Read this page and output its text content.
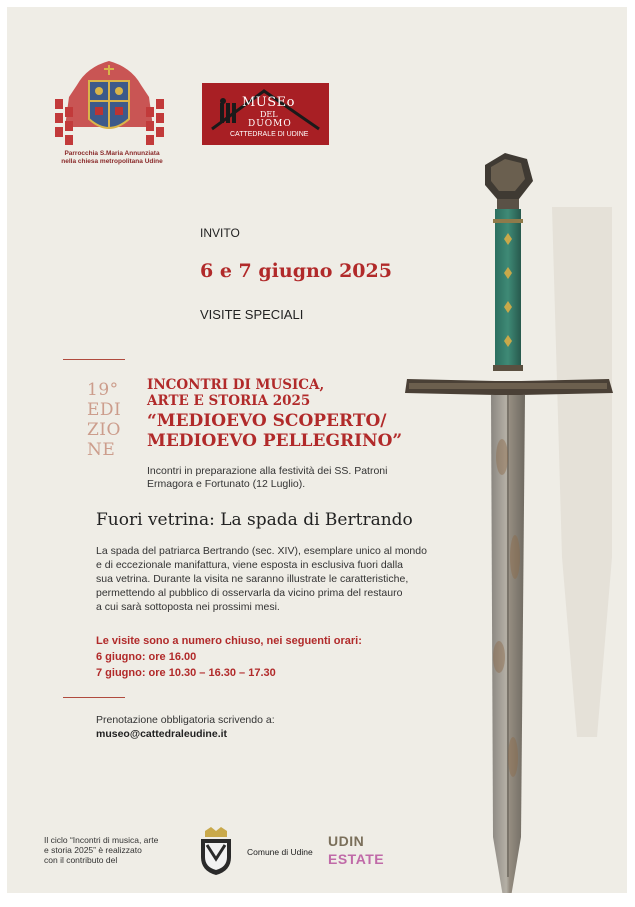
Parrocchia S.Maria Annunziata
nella chiesa metropolitana Udine
MUSEo
DEL
DUOMO
CATTEDRALE DI UDINE
INVITO
6 e 7 giugno 2025
VISITE SPECIALI
19°
EDI
ZIO
NE
INCONTRI DI MUSICA,
ARTE E STORIA 2025
“MEDIOEVO SCOPERTO/
MEDIOEVO PELLEGRINO”
Incontri in preparazione alla festività dei SS. Patroni
Ermagora e Fortunato (12 Luglio).
Fuori vetrina: La spada di Bertrando
La spada del patriarca Bertrando (sec. XIV), esemplare unico al mondo
e di eccezionale manifattura, viene esposta in esclusiva fuori dalla
sua vetrina. Durante la visita ne saranno illustrate le caratteristiche,
permettendo al pubblico di osservarla da vicino prima del restauro
a cui sarà sottoposta nei prossimi mesi.
Le visite sono a numero chiuso, nei seguenti orari:
6 giugno: ore 16.00
7 giugno: ore 10.30 – 16.30 – 17.30
Prenotazione obbligatoria scrivendo a:
museo@cattedraleudine.it
Il ciclo “Incontri di musica, arte
e storia 2025” è realizzato
con il contributo del
Comune di Udine
UDIN
ESTATE
